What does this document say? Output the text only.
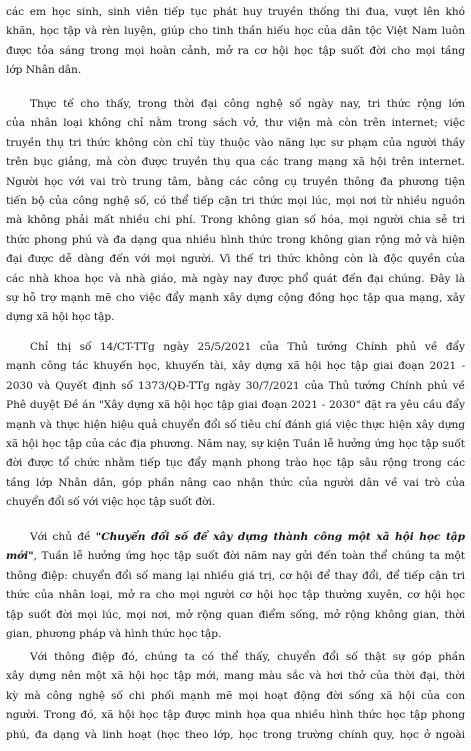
các em học sinh, sinh viên tiếp tục phát huy truyền thống thi đua, vượt lên khó
khăn, học tập và rèn luyện, giúp cho tinh thần hiếu học của dân tộc Việt Nam luôn
được tỏa sáng trong mọi hoàn cảnh, mở ra cơ hội học tập suốt đời cho mọi tầng
lớp Nhân dân.
Thực tế cho thấy, trong thời đại công nghệ số ngày nay, tri thức rộng lớn
của nhân loại không chỉ nằm trong sách vở, thư viện mà còn trên internet; việc
truyền thụ tri thức không còn chỉ tùy thuộc vào năng lực sư phạm của người thầy
trên bục giảng, mà còn được truyền thụ qua các trang mạng xã hội trên internet.
Người học với vai trò trung tâm, bằng các công cụ truyền thông đa phương tiện
tiến bộ của công nghệ số, có thể tiếp cận tri thức mọi lúc, mọi nơi từ nhiều nguồn
mà không phải mất nhiều chi phí. Trong không gian số hóa, mọi người chia sẻ tri
thức phong phú và đa dạng qua nhiều hình thức trong không gian rộng mở và hiện
đại được dễ dàng đến với mọi người. Vì thế tri thức không còn là độc quyền của
các nhà khoa học và nhà giáo, mà ngày nay được phổ quát đến đại chúng. Đây là
sự hỗ trợ mạnh mẽ cho việc đẩy mạnh xây dựng cộng đồng học tập qua mạng, xây
dựng xã hội học tập.
Chỉ thị số 14/CT-TTg ngày 25/5/2021 của Thủ tướng Chính phủ về đẩy
mạnh công tác khuyến học, khuyến tài, xây dựng xã hội học tập giai đoạn 2021 -
2030 và Quyết định số 1373/QĐ-TTg ngày 30/7/2021 của Thủ tướng Chính phủ về
Phê duyệt Đề án "Xây dựng xã hội học tập giai đoạn 2021 - 2030" đặt ra yêu cầu đẩy
mạnh và thực hiện hiệu quả chuyển đổi số tiêu chí đánh giá việc thực hiện xây dựng
xã hội học tập của các địa phương. Năm nay, sự kiện Tuần lễ hưởng ứng học tập suốt
đời được tổ chức nhằm tiếp tục đẩy mạnh phong trào học tập sâu rộng trong các
tầng lớp Nhân dân, góp phần nâng cao nhận thức của người dân về vai trò của
chuyển đổi số với việc học tập suốt đời.
Với chủ đề "Chuyển đổi số để xây dựng thành công một xã hội học tập
mới", Tuần lễ hưởng ứng học tập suốt đời năm nay gửi đến toàn thể chúng ta một
thông điệp: chuyển đổi số mang lại nhiều giá trị, cơ hội để thay đổi, để tiếp cận tri
thức của nhân loại, mở ra cho mọi người cơ hội học tập thường xuyên, cơ hội học
tập suốt đời mọi lúc, mọi nơi, mở rộng quan điểm sống, mở rộng không gian, thời
gian, phương pháp và hình thức học tập.
Với thông điệp đó, chúng ta có thể thấy, chuyển đổi số thật sự góp phần
xây dựng nên một xã hội học tập mới, mang màu sắc và hơi thở của thời đại, thời
kỳ mà công nghệ số chi phối mạnh mẽ mọi hoạt động đời sống xã hội của con
người. Trong đó, xã hội học tập được minh họa qua nhiều hình thức học tập phong
phú, đa dạng và linh hoạt (học theo lớp, học trong trường chính quy, học ở ngoài
